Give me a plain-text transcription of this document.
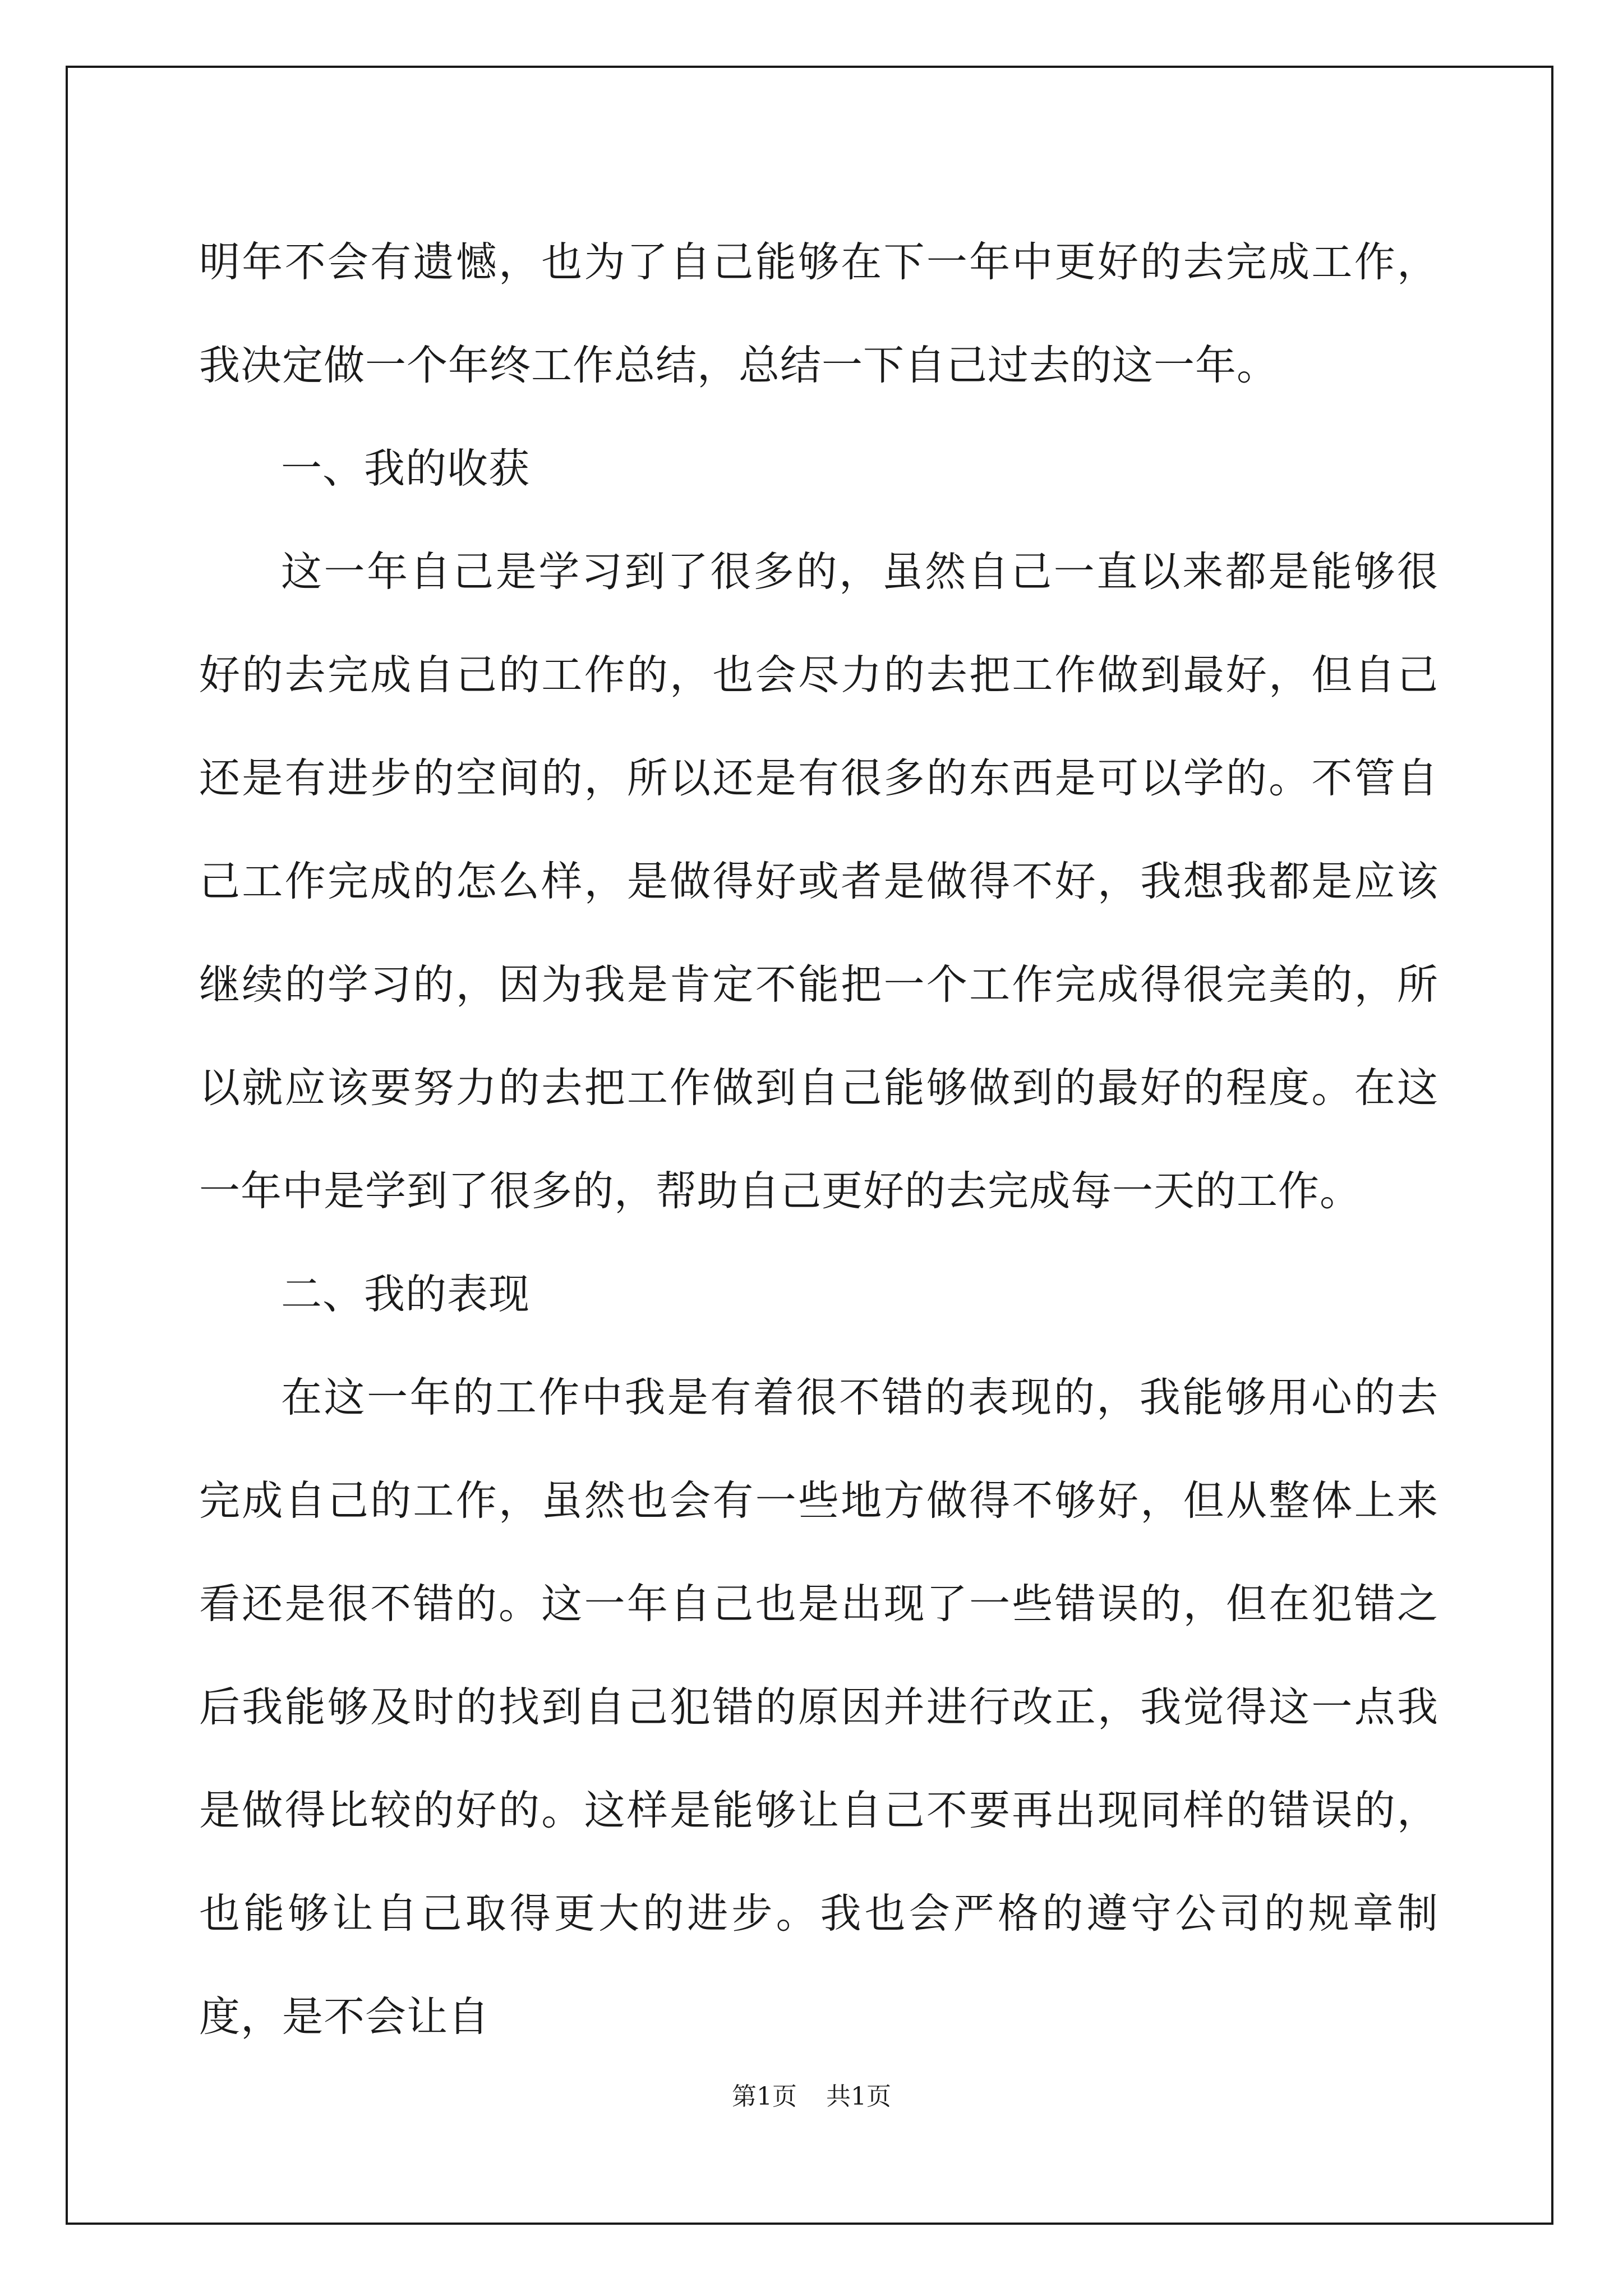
明年不会有遗憾，也为了自己能够在下一年中更好的去完成工作，我决定做一个年终工作总结，总结一下自己过去的这一年。

一、我的收获

这一年自己是学习到了很多的，虽然自己一直以来都是能够很好的去完成自己的工作的，也会尽力的去把工作做到最好，但自己还是有进步的空间的，所以还是有很多的东西是可以学的。不管自己工作完成的怎么样，是做得好或者是做得不好，我想我都是应该继续的学习的，因为我是肯定不能把一个工作完成得很完美的，所以就应该要努力的去把工作做到自己能够做到的最好的程度。在这一年中是学到了很多的，帮助自己更好的去完成每一天的工作。

二、我的表现

在这一年的工作中我是有着很不错的表现的，我能够用心的去完成自己的工作，虽然也会有一些地方做得不够好，但从整体上来看还是很不错的。这一年自己也是出现了一些错误的，但在犯错之后我能够及时的找到自己犯错的原因并进行改正，我觉得这一点我是做得比较的好的。这样是能够让自己不要再出现同样的错误的，也能够让自己取得更大的进步。我也会严格的遵守公司的规章制度，是不会让自

第1页 共1页
